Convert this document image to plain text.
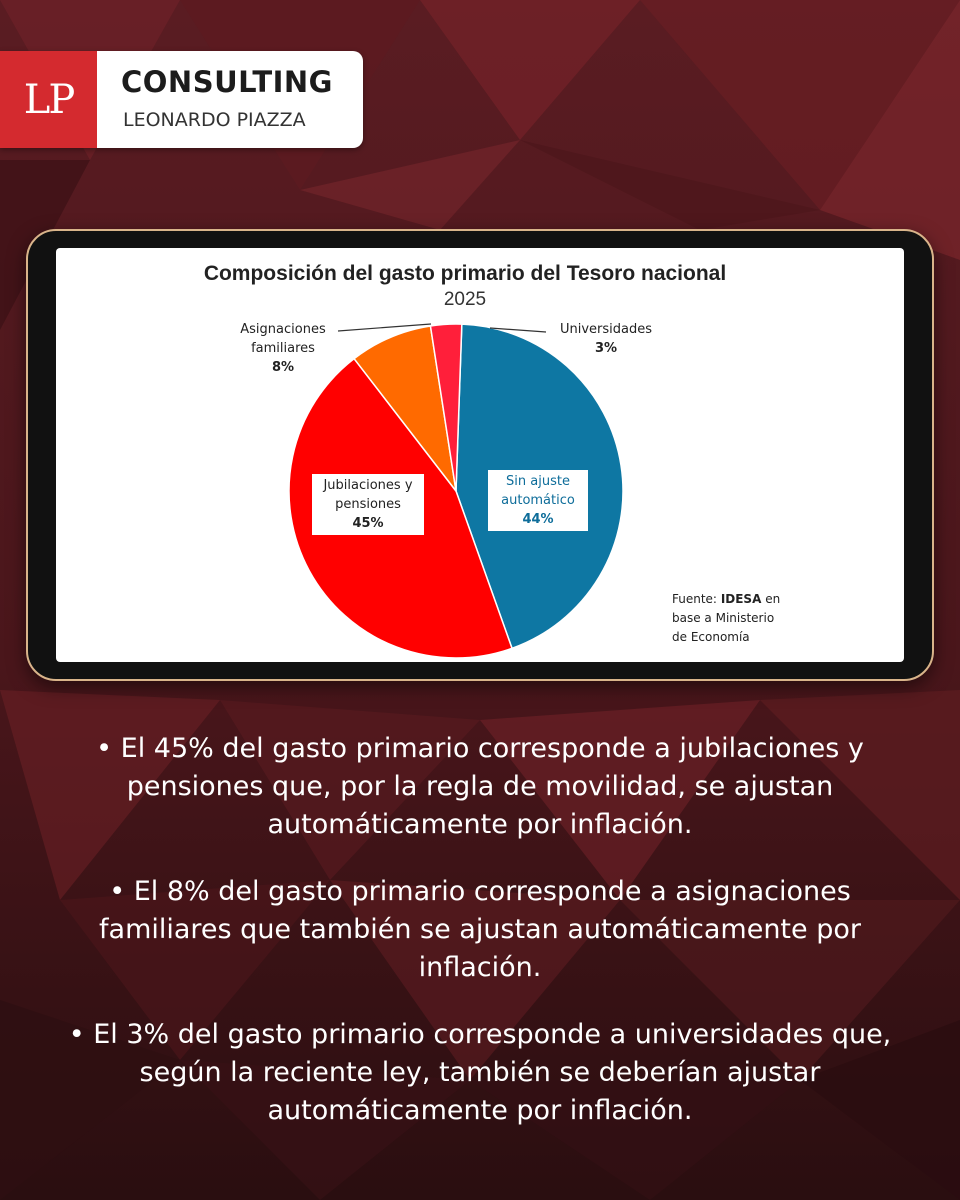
LP	CONSULTING
LEONARDO PIAZZA
Composición del gasto primario del Tesoro nacional
2025
Asignaciones
familiares
8%
Universidades
3%
Jubilaciones y
pensiones
45%
Sin ajuste
automático
44%
Fuente: IDESA en
base a Ministerio
de Economía

• El 45% del gasto primario corresponde a jubilaciones y pensiones que, por la regla de movilidad, se ajustan automáticamente por inflación.

• El 8% del gasto primario corresponde a asignaciones familiares que también se ajustan automáticamente por inflación.

• El 3% del gasto primario corresponde a universidades que, según la reciente ley, también se deberían ajustar automáticamente por inflación.
